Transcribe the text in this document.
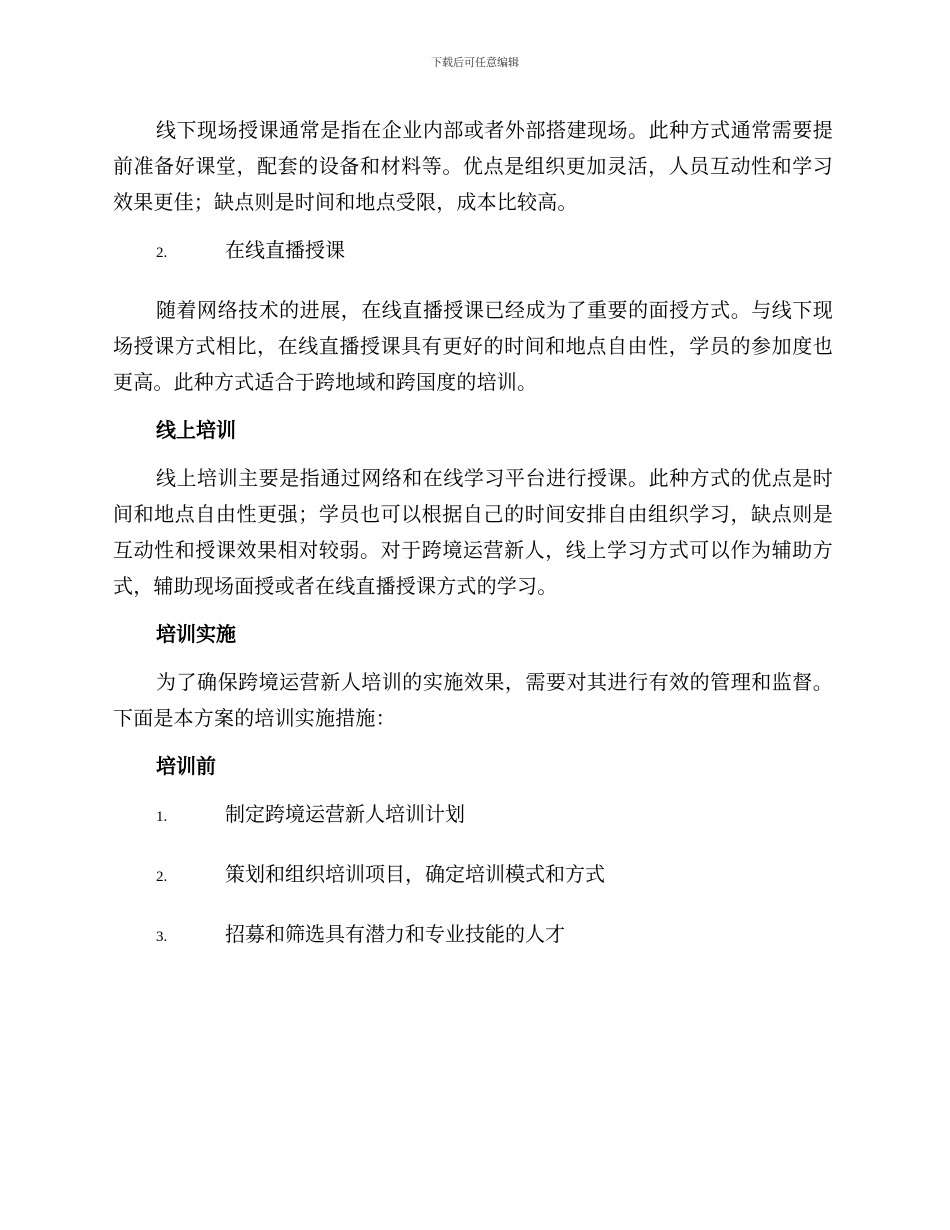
下载后可任意编辑

线下现场授课通常是指在企业内部或者外部搭建现场。此种方式通常需要提前准备好课堂，配套的设备和材料等。优点是组织更加灵活，人员互动性和学习效果更佳；缺点则是时间和地点受限，成本比较高。

2.	在线直播授课

随着网络技术的进展，在线直播授课已经成为了重要的面授方式。与线下现场授课方式相比，在线直播授课具有更好的时间和地点自由性，学员的参加度也更高。此种方式适合于跨地域和跨国度的培训。

线上培训

线上培训主要是指通过网络和在线学习平台进行授课。此种方式的优点是时间和地点自由性更强；学员也可以根据自己的时间安排自由组织学习，缺点则是互动性和授课效果相对较弱。对于跨境运营新人，线上学习方式可以作为辅助方式，辅助现场面授或者在线直播授课方式的学习。

培训实施

为了确保跨境运营新人培训的实施效果，需要对其进行有效的管理和监督。下面是本方案的培训实施措施：

培训前
1.	制定跨境运营新人培训计划
2.	策划和组织培训项目，确定培训模式和方式
3.	招募和筛选具有潜力和专业技能的人才
